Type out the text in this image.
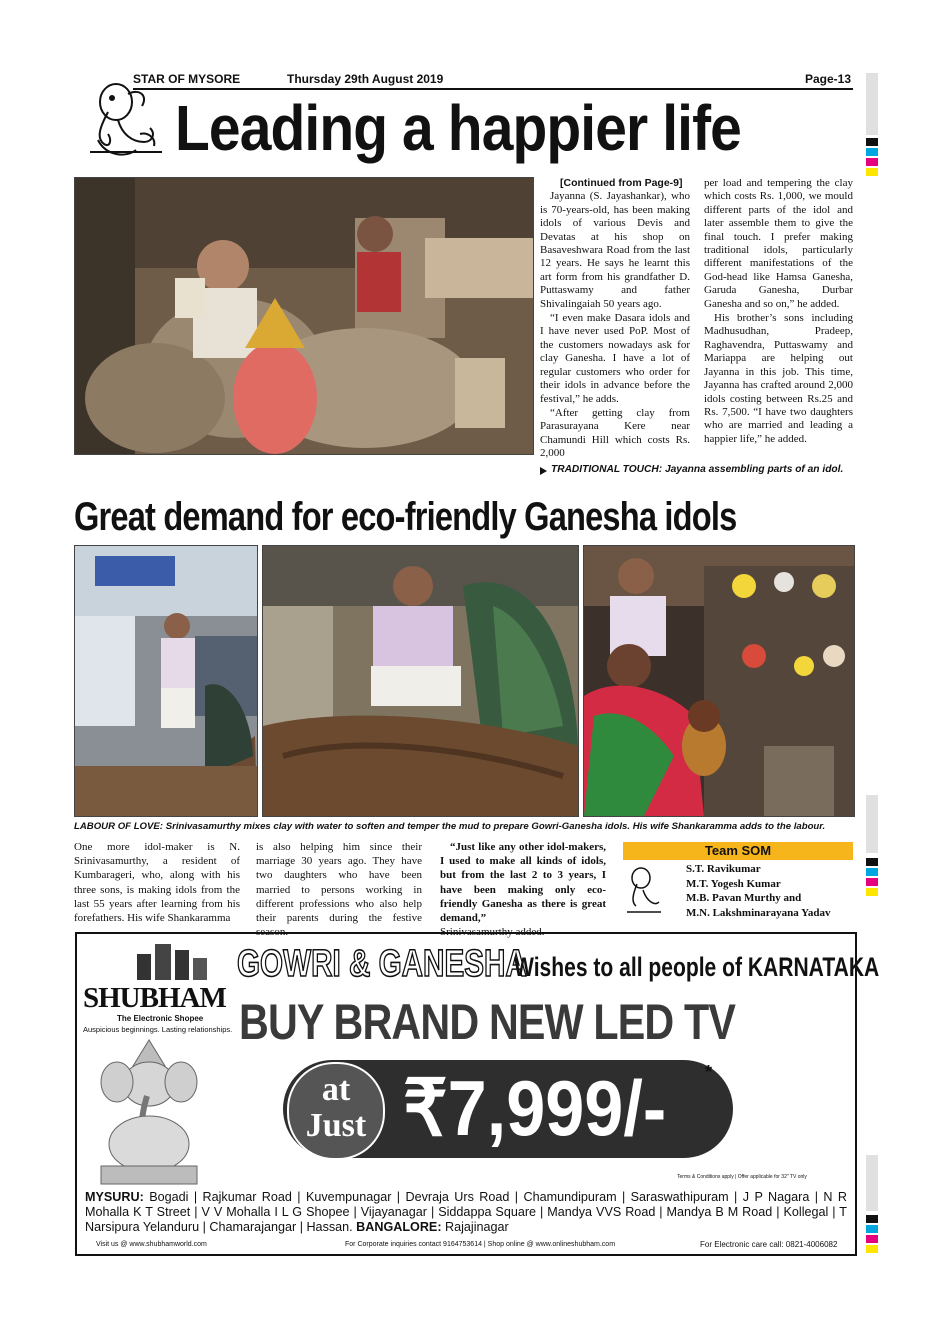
STAR OF MYSORE	Thursday 29th August 2019	Page-13
Leading a happier life
[Continued from Page-9]

Jayanna (S. Jayashankar), who is 70-years-old, has been making idols of various Devis and Devatas at his shop on Basaveshwara Road from the last 12 years. He says he learnt this art form from his grandfather D. Puttaswamy and father Shivalingaiah 50 years ago.

“I even make Dasara idols and I have never used PoP. Most of the customers nowadays ask for clay Ganesha. I have a lot of regular customers who order for their idols in advance before the festival,” he adds.

“After getting clay from Parasurayana Kere near Chamundi Hill which costs Rs. 2,000

per load and tempering the clay which costs Rs. 1,000, we mould different parts of the idol and later assemble them to give the final touch. I prefer making traditional idols, particularly different manifestations of the God-head like Hamsa Ganesha, Garuda Ganesha, Durbar Ganesha and so on,” he added.

His brother’s sons including Madhusudhan, Pradeep, Raghavendra, Puttaswamy and Mariappa are helping out Jayanna in this job. This time, Jayanna has crafted around 2,000 idols costing between Rs.25 and Rs. 7,500. “I have two daughters who are married and leading a happier life,” he added.

TRADITIONAL TOUCH: Jayanna assembling parts of an idol.
Great demand for eco-friendly Ganesha idols
LABOUR OF LOVE: Srinivasamurthy mixes clay with water to soften and temper the mud to prepare Gowri-Ganesha idols. His wife Shankaramma adds to the labour.
One more idol-maker is N. Srinivasamurthy, a resident of Kumbarageri, who, along with his three sons, is making idols from the last 55 years after learning from his forefathers. His wife Shankaramma
is also helping him since their marriage 30 years ago. They have two daughters who have been married to persons working in different professions who also help their parents during the festive season.
“Just like any other idol-makers, I used to make all kinds of idols, but from the last 2 to 3 years, I have been making only eco-friendly Ganesha as there is great demand,”
Srinivasamurthy added.
Team SOM
S.T. Ravikumar
M.T. Yogesh Kumar
M.B. Pavan Murthy and
M.N. Lakshminarayana Yadav
SHUBHAM
The Electronic Shopee
Auspicious beginnings. Lasting relationships.
GOWRI & GANESHA
Wishes to all people of KARNATAKA
BUY BRAND NEW LED TV
at
Just ₹7,999/- *
Terms & Conditions apply | Offer applicable for 32" TV only
MYSURU: Bogadi | Rajkumar Road | Kuvempunagar | Devraja Urs Road | Chamundipuram | Saraswathipuram | J P Nagara | N R Mohalla K T Street | V V Mohalla I L G Shopee | Vijayanagar | Siddappa Square | Mandya VVS Road | Mandya B M Road | Kollegal | T Narsipura Yelanduru | Chamarajangar | Hassan. BANGALORE: Rajajinagar
Visit us @ www.shubhamworld.com	For Corporate inquiries contact 9164753614 | Shop online @ www.onlineshubham.com	For Electronic care call: 0821-4006082
